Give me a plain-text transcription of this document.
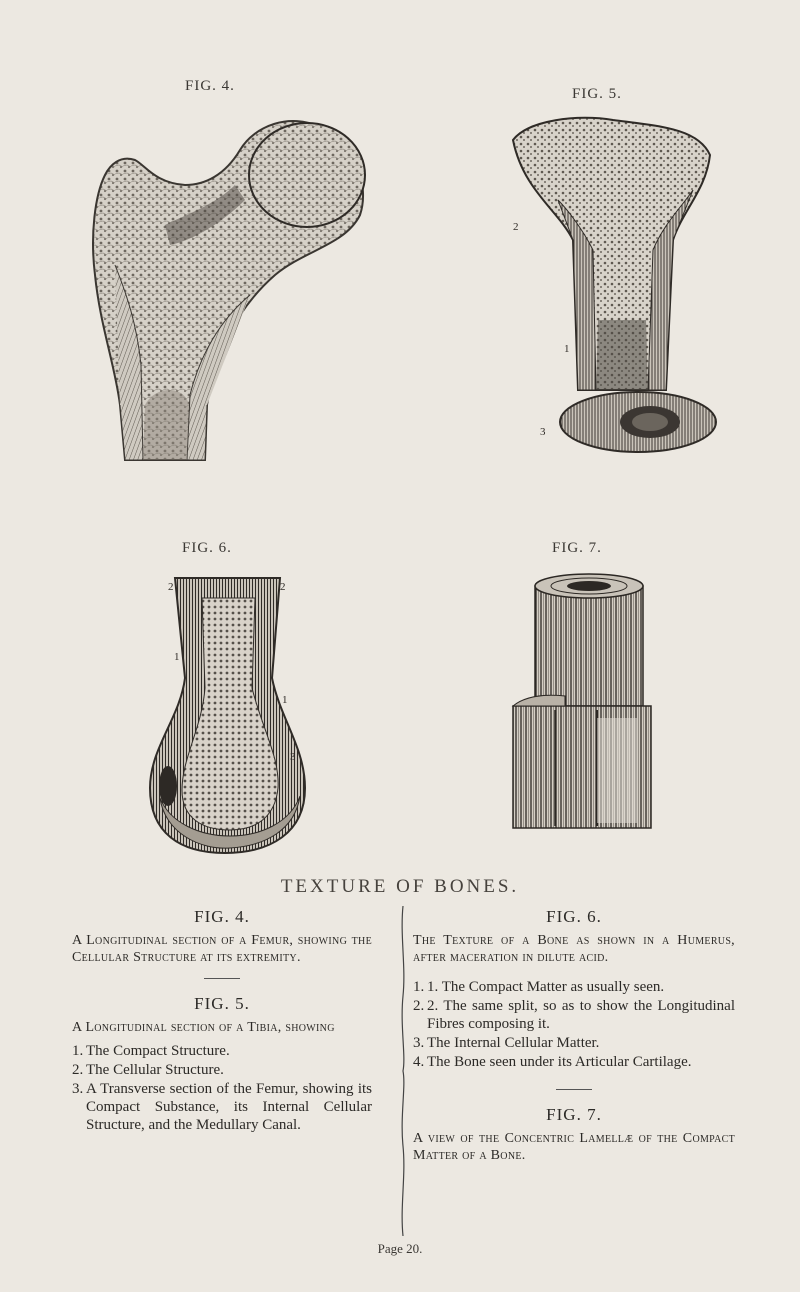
FIG. 4.	FIG. 5.
FIG. 6.	FIG. 7.
2
1
3
2	2
1
1
3
TEXTURE OF BONES.
FIG. 4.
A Longitudinal section of a Femur, showing the Cellular Structure at its extremity.
FIG. 5.
A Longitudinal section of a Tibia, showing
1. The Compact Structure.
2. The Cellular Structure.
3. A Transverse section of the Femur, showing its Compact Substance, its Internal Cellular Structure, and the Medullary Canal.
FIG. 6.
The Texture of a Bone as shown in a Humerus, after maceration in dilute acid.
1. 1. The Compact Matter as usually seen.
2. 2. The same split, so as to show the Longitudinal Fibres composing it.
3. The Internal Cellular Matter.
4. The Bone seen under its Articular Cartilage.
FIG. 7.
A view of the Concentric Lamellæ of the Compact Matter of a Bone.
Page 20.
